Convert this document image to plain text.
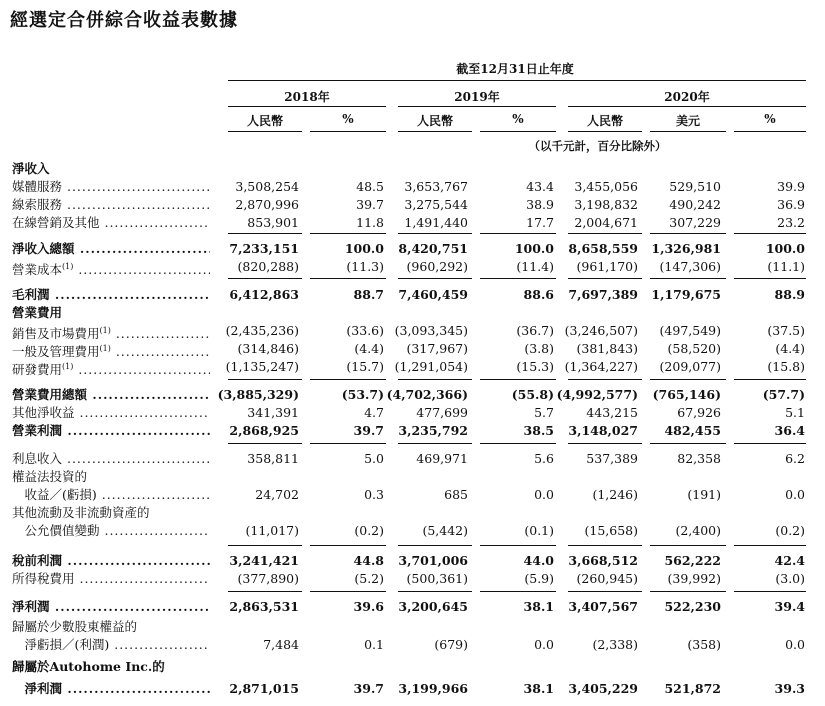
經選定合併綜合收益表數據
截至12月31日止年度
2018年	2019年	2020年
人民幣	%	人民幣	%	人民幣	美元	%
（以千元計，百分比除外）
淨收入
媒體服務 .....	3,508,254	48.5 3,653,767	43.4 3,455,056	529,510	39.9
線索服務 .....	2,870,996	39.7 3,275,544	38.9 3,198,832	490,242	36.9
在線營銷及其他 .....	853,901	11.8 1,491,440	17.7 2,004,671	307,229	23.2
淨收入總額 .....	7,233,151	100.0 8,420,751	100.0 8,658,559 1,326,981	100.0
營業成本$^{(1)}$ .....	(820,288)	(11.3) (960,292)	(11.4) (961,170) (147,306)	(11.1)
毛利潤 .....	6,412,863	88.7 7,460,459	88.6 7,697,389 1,179,675	88.9
營業費用
銷售及市場費用$^{(1)}$ .....	(2,435,236)	(33.6) (3,093,345)	(36.7) (3,246,507) (497,549)	(37.5)
一般及管理費用$^{(1)}$ .....	(314,846)	(4.4) (317,967)	(3.8) (381,843) (58,520)	(4.4)
研發費用$^{(1)}$ .....	(1,135,247)	(15.7) (1,291,054)	(15.3) (1,364,227) (209,077)	(15.8)
營業費用總額 .....	(3,885,329)	(53.7) (4,702,366)	(55.8) (4,992,577) (765,146)	(57.7)
其他淨收益 .....	341,391	4.7	477,699	5.7	443,215	67,926	5.1
營業利潤 .....	2,868,925	39.7 3,235,792	38.5 3,148,027 482,455	36.4
利息收入 .....	358,811	5.0	469,971	5.6	537,389	82,358	6.2
權益法投資的
　收益／(虧損) .....	24,702	0.3	685	0.0	(1,246)	(191)	0.0
其他流動及非流動資產的
　公允價值變動 .....	(11,017)	(0.2)	(5,442)	(0.1) (15,658)	(2,400)	(0.2)
稅前利潤 .....	3,241,421	44.8 3,701,006	44.0 3,668,512 562,222	42.4
所得稅費用 .....	(377,890)	(5.2) (500,361)	(5.9) (260,945) (39,992)	(3.0)
淨利潤 .....	2,863,531	39.6 3,200,645	38.1 3,407,567 522,230	39.4
歸屬於少數股東權益的
　淨虧損／(利潤) .....	7,484	0.1	(679)	0.0	(2,338)	(358)	0.0
歸屬於Autohome Inc.的
　淨利潤 .....	2,871,015	39.7 3,199,966	38.1 3,405,229 521,872	39.3
